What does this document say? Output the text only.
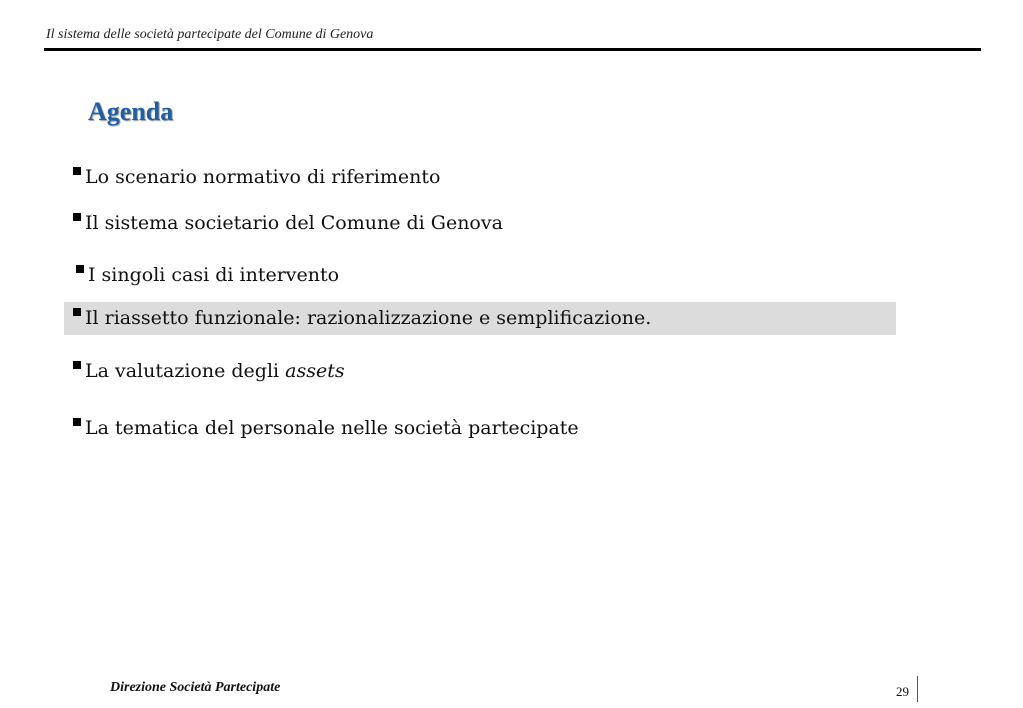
Il sistema delle società partecipate del Comune di Genova
Agenda
Lo scenario normativo di riferimento
Il sistema societario del Comune di Genova
I singoli casi di intervento
Il riassetto funzionale: razionalizzazione e semplificazione.
La valutazione degli assets
La tematica del personale nelle società partecipate
Direzione Società Partecipate	29
